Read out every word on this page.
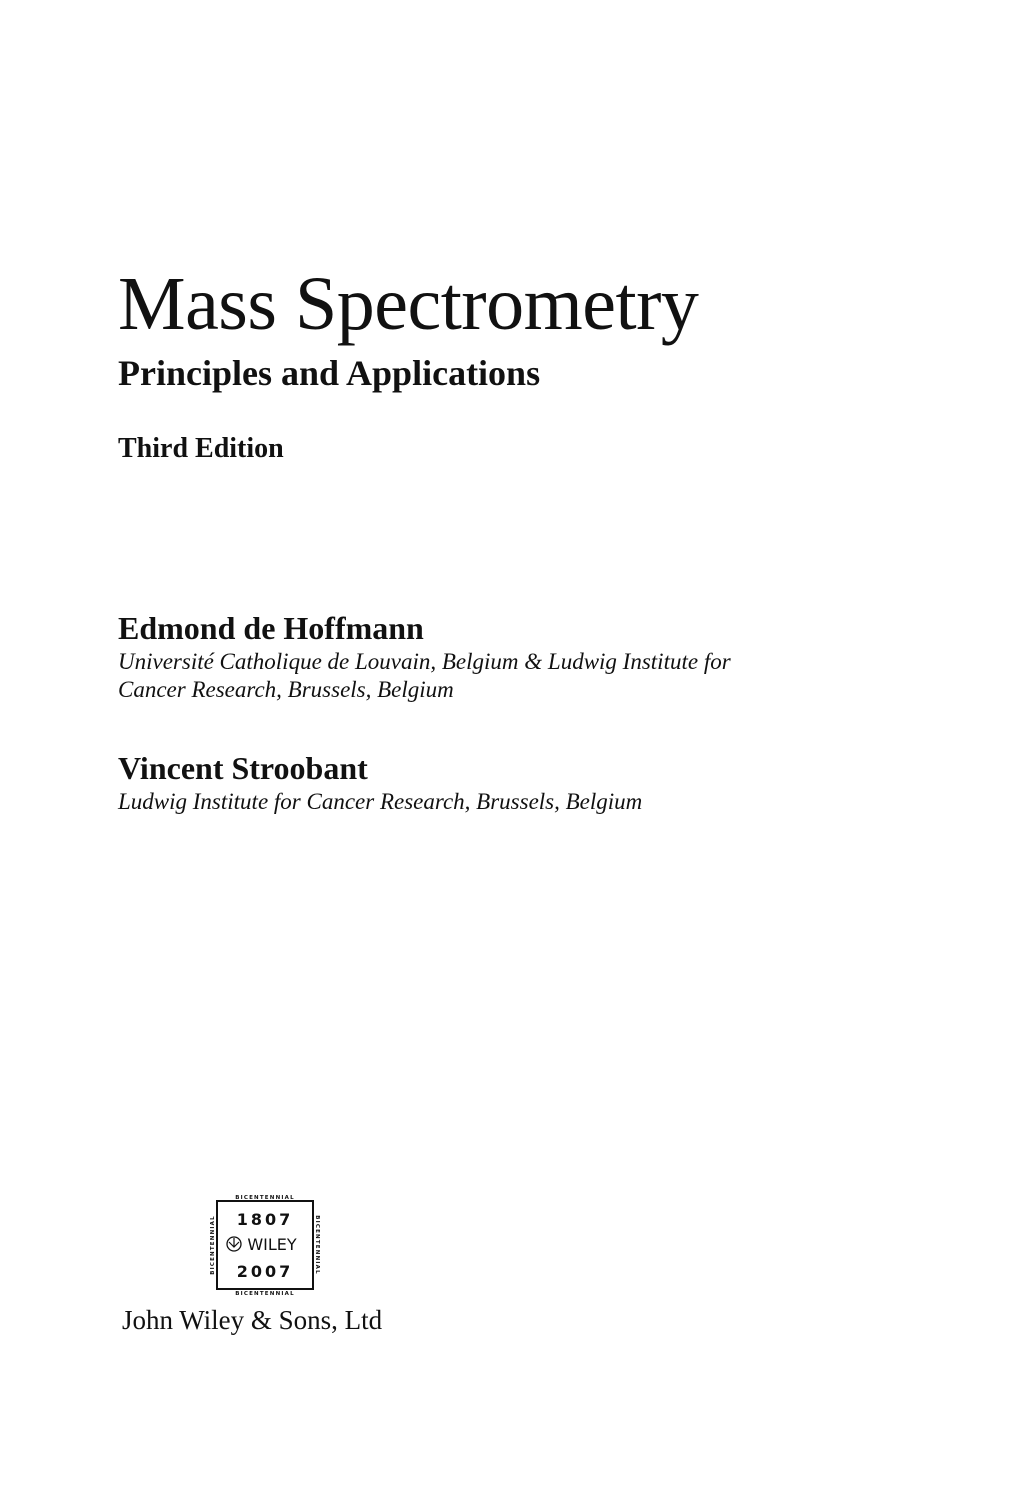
Mass Spectrometry
Principles and Applications
Third Edition
Edmond de Hoffmann
Université Catholique de Louvain, Belgium & Ludwig Institute for
Cancer Research, Brussels, Belgium
Vincent Stroobant
Ludwig Institute for Cancer Research, Brussels, Belgium
BICENTENNIAL
BICENTENNIAL
BICENTENNIAL	BICENTENNIAL
1807
WILEY
2007
John Wiley & Sons, Ltd
